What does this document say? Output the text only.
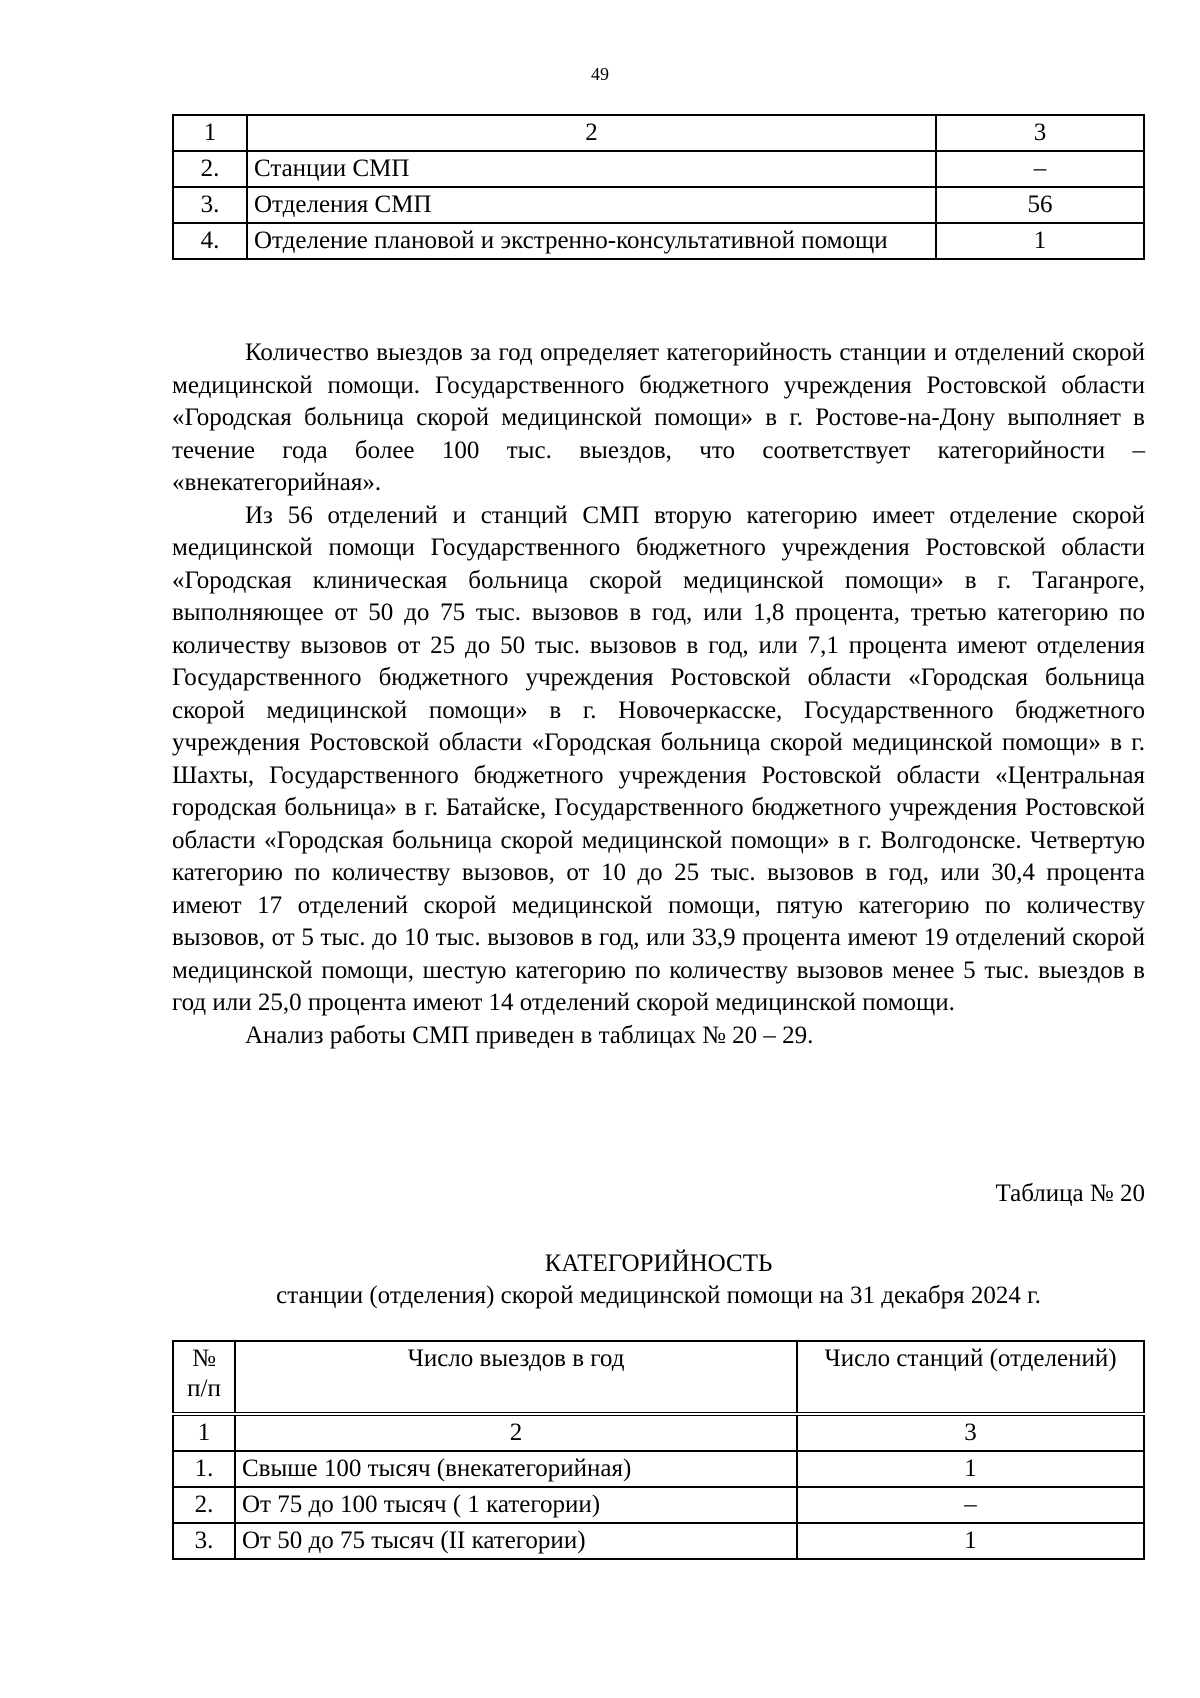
49
1	2	3
2.	Станции СМП	–
3.	Отделения СМП	56
4.	Отделение плановой и экстренно-консультативной помощи	1

Количество выездов за год определяет категорийность станции и отделений скорой медицинской помощи. Государственного бюджетного учреждения Ростовской области «Городская больница скорой медицинской помощи» в г. Ростове-на-Дону выполняет в течение года более 100 тыс. выездов, что соответствует категорийности – «внекатегорийная».

Из 56 отделений и станций СМП вторую категорию имеет отделение скорой медицинской помощи Государственного бюджетного учреждения Ростовской области «Городская клиническая больница скорой медицинской помощи» в г. Таганроге, выполняющее от 50 до 75 тыс. вызовов в год, или 1,8 процента, третью категорию по количеству вызовов от 25 до 50 тыс. вызовов в год, или 7,1 процента имеют отделения Государственного бюджетного учреждения Ростовской области «Городская больница скорой медицинской помощи» в г. Новочеркасске, Государственного бюджетного учреждения Ростовской области «Городская больница скорой медицинской помощи» в г. Шахты, Государственного бюджетного учреждения Ростовской области «Центральная городская больница» в г. Батайске, Государственного бюджетного учреждения Ростовской области «Городская больница скорой медицинской помощи» в г. Волгодонске. Четвертую категорию по количеству вызовов, от 10 до 25 тыс. вызовов в год, или 30,4 процента имеют 17 отделений скорой медицинской помощи, пятую категорию по количеству вызовов, от 5 тыс. до 10 тыс. вызовов в год, или 33,9 процента имеют 19 отделений скорой медицинской помощи, шестую категорию по количеству вызовов менее 5 тыс. выездов в год или 25,0 процента имеют 14 отделений скорой медицинской помощи.

Анализ работы СМП приведен в таблицах № 20 – 29.

Таблица № 20
КАТЕГОРИЙНОСТЬ
станции (отделения) скорой медицинской помощи на 31 декабря 2024 г.
№ п/п	Число выездов в год	Число станций (отделений)
1	2	3
1.	Свыше 100 тысяч (внекатегорийная)	1
2.	От 75 до 100 тысяч ( 1 категории)	–
3.	От 50 до 75 тысяч (II категории)	1
